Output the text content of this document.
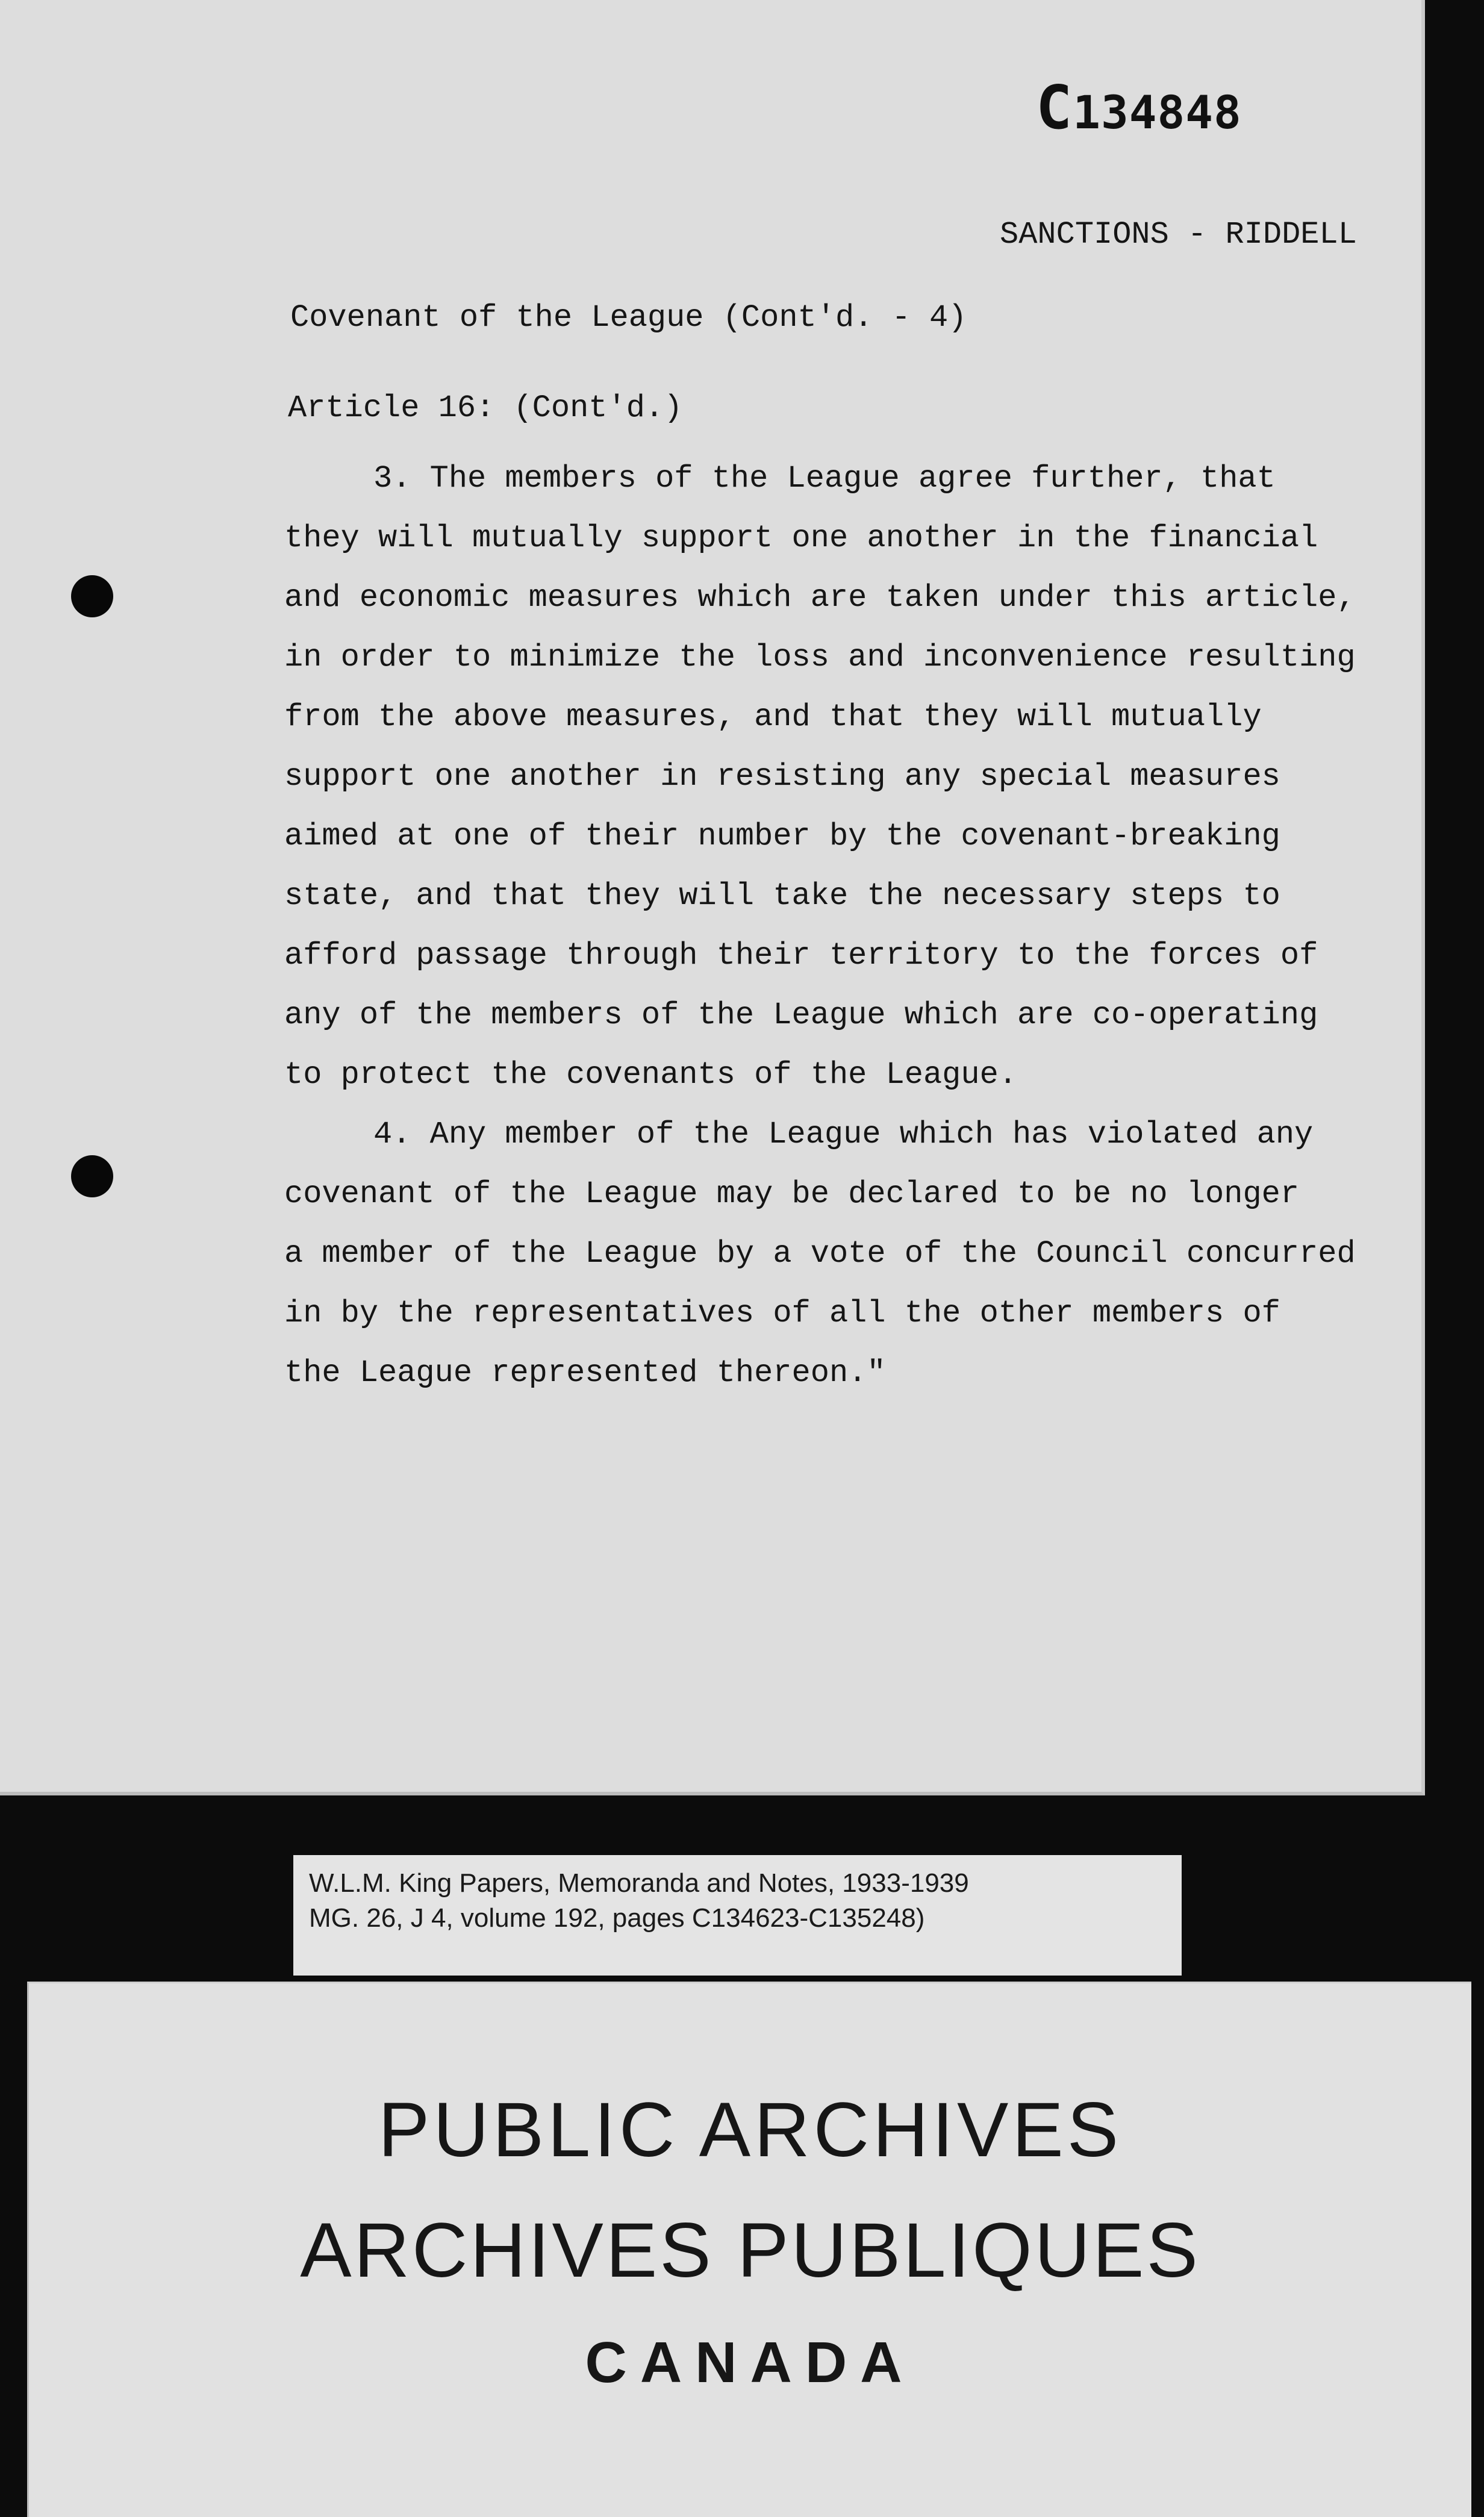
C134848
SANCTIONS - RIDDELL
Covenant of the League (Cont'd. - 4)
Article 16: (Cont'd.)
3. The members of the League agree further, that
they will mutually support one another in the financial
and economic measures which are taken under this article,
in order to minimize the loss and inconvenience resulting
from the above measures, and that they will mutually
support one another in resisting any special measures
aimed at one of their number by the covenant-breaking
state, and that they will take the necessary steps to
afford passage through their territory to the forces of
any of the members of the League which are co-operating
to protect the covenants of the League.
4. Any member of the League which has violated any
covenant of the League may be declared to be no longer
a member of the League by a vote of the Council concurred
in by the representatives of all the other members of
the League represented thereon."
W.L.M. King Papers, Memoranda and Notes, 1933-1939
MG. 26, J 4, volume 192, pages C134623-C135248)
PUBLIC ARCHIVES
ARCHIVES PUBLIQUES
CANADA
